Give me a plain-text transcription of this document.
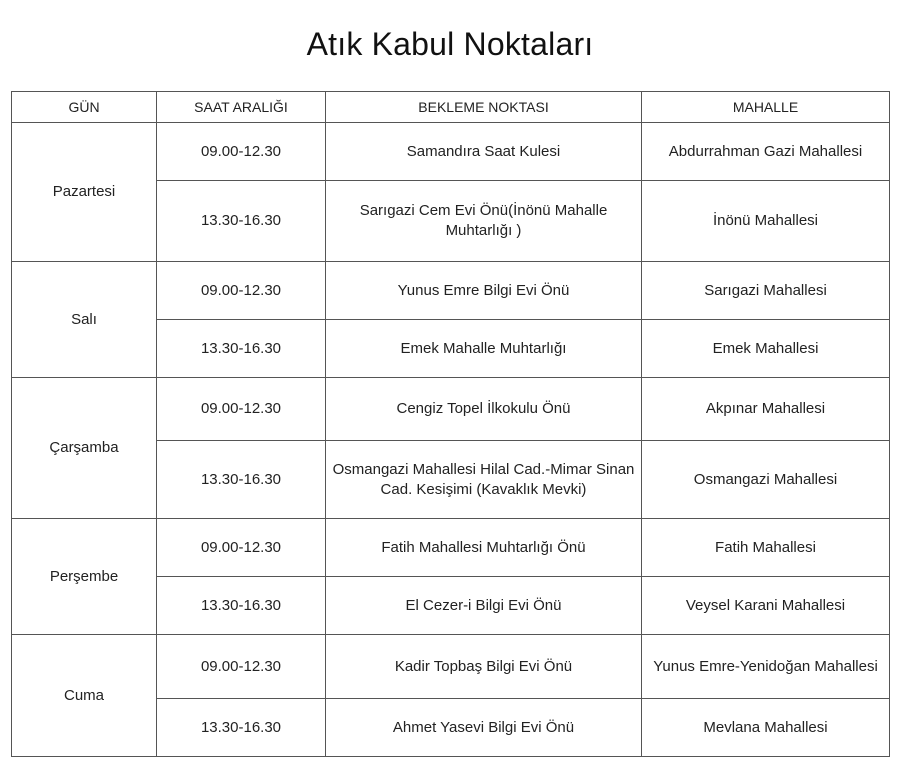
Atık Kabul Noktaları
GÜN	SAAT ARALIĞI	BEKLEME NOKTASI	MAHALLE
Pazartesi	09.00-12.30	Samandıra Saat Kulesi	Abdurrahman Gazi Mahallesi
	13.30-16.30	Sarıgazi Cem Evi Önü(İnönü Mahalle Muhtarlığı )	İnönü Mahallesi
Salı	09.00-12.30	Yunus Emre Bilgi Evi Önü	Sarıgazi Mahallesi
	13.30-16.30	Emek Mahalle Muhtarlığı	Emek Mahallesi
Çarşamba	09.00-12.30	Cengiz Topel İlkokulu Önü	Akpınar Mahallesi
	13.30-16.30	Osmangazi Mahallesi Hilal Cad.-Mimar Sinan Cad. Kesişimi (Kavaklık Mevki)	Osmangazi Mahallesi
Perşembe	09.00-12.30	Fatih Mahallesi Muhtarlığı Önü	Fatih Mahallesi
	13.30-16.30	El Cezer-i Bilgi Evi Önü	Veysel Karani Mahallesi
Cuma	09.00-12.30	Kadir Topbaş Bilgi Evi Önü	Yunus Emre-Yenidoğan Mahallesi
	13.30-16.30	Ahmet Yasevi Bilgi Evi Önü	Mevlana Mahallesi
